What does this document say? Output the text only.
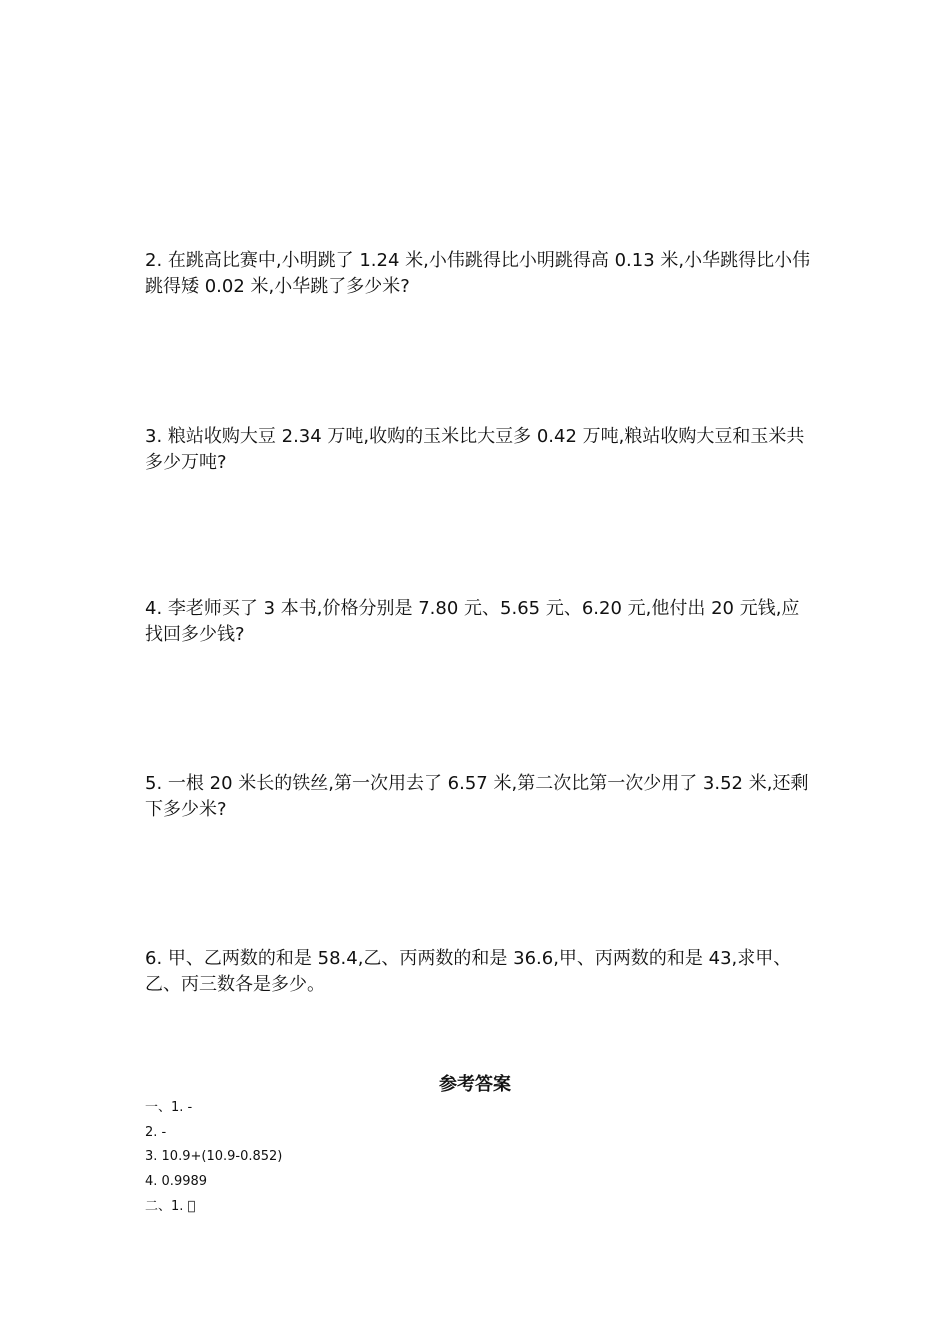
2. 在跳高比赛中,小明跳了 1.24 米,小伟跳得比小明跳得高 0.13 米,小华跳得比小伟跳得矮 0.02 米,小华跳了多少米?

3. 粮站收购大豆 2.34 万吨,收购的玉米比大豆多 0.42 万吨,粮站收购大豆和玉米共多少万吨?

4. 李老师买了 3 本书,价格分别是 7.80 元、5.65 元、6.20 元,他付出 20 元钱,应找回多少钱?

5. 一根 20 米长的铁丝,第一次用去了 6.57 米,第二次比第一次少用了 3.52 米,还剩下多少米?

6. 甲、乙两数的和是 58.4,乙、丙两数的和是 36.6,甲、丙两数的和是 43,求甲、乙、丙三数各是多少。

参考答案

一、1. -

2. -

3. 10.9+(10.9-0.852)

4. 0.9989

二、1. 􀳀
